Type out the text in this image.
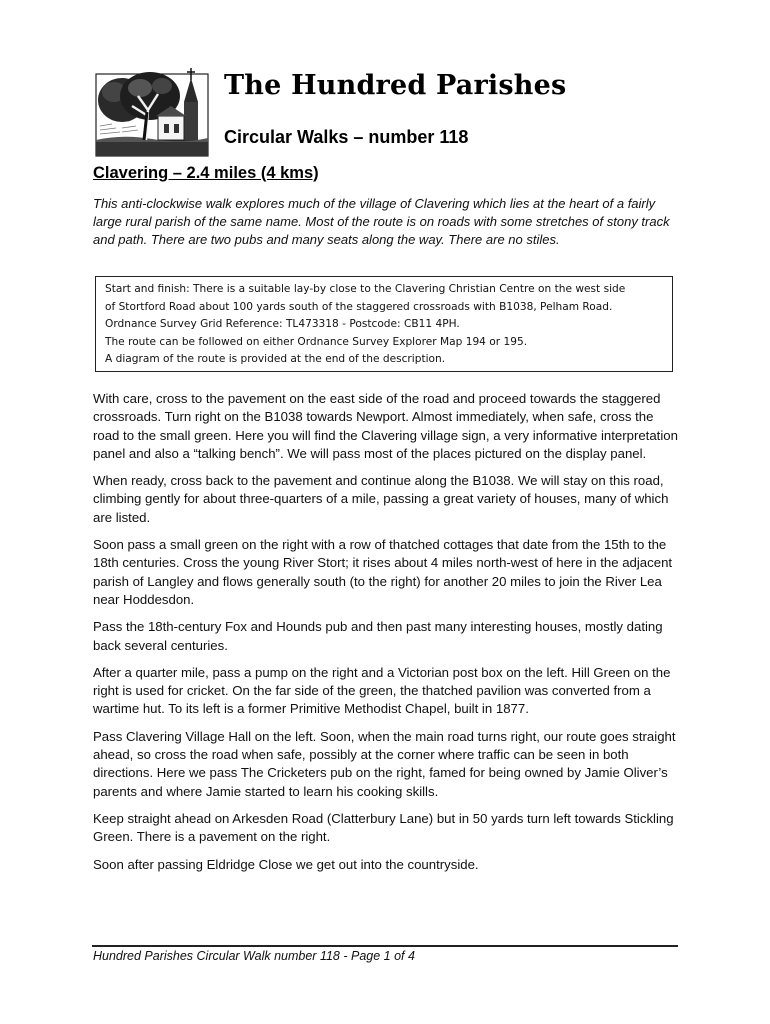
The Hundred Parishes
Circular Walks – number 118
Clavering – 2.4 miles (4 kms)

This anti-clockwise walk explores much of the village of Clavering which lies at the heart of a fairly large rural parish of the same name. Most of the route is on roads with some stretches of stony track and path. There are two pubs and many seats along the way. There are no stiles.

Start and finish: There is a suitable lay-by close to the Clavering Christian Centre on the west side
of Stortford Road about 100 yards south of the staggered crossroads with B1038, Pelham Road.
Ordnance Survey Grid Reference: TL473318 - Postcode: CB11 4PH.
The route can be followed on either Ordnance Survey Explorer Map 194 or 195.
A diagram of the route is provided at the end of the description.

With care, cross to the pavement on the east side of the road and proceed towards the staggered crossroads. Turn right on the B1038 towards Newport. Almost immediately, when safe, cross the road to the small green. Here you will find the Clavering village sign, a very informative interpretation panel and also a “talking bench”. We will pass most of the places pictured on the display panel.

When ready, cross back to the pavement and continue along the B1038. We will stay on this road, climbing gently for about three-quarters of a mile, passing a great variety of houses, many of which are listed.

Soon pass a small green on the right with a row of thatched cottages that date from the 15th to the 18th centuries. Cross the young River Stort; it rises about 4 miles north-west of here in the adjacent parish of Langley and flows generally south (to the right) for another 20 miles to join the River Lea near Hoddesdon.

Pass the 18th-century Fox and Hounds pub and then past many interesting houses, mostly dating back several centuries.

After a quarter mile, pass a pump on the right and a Victorian post box on the left. Hill Green on the right is used for cricket. On the far side of the green, the thatched pavilion was converted from a wartime hut. To its left is a former Primitive Methodist Chapel, built in 1877.

Pass Clavering Village Hall on the left. Soon, when the main road turns right, our route goes straight ahead, so cross the road when safe, possibly at the corner where traffic can be seen in both directions. Here we pass The Cricketers pub on the right, famed for being owned by Jamie Oliver’s parents and where Jamie started to learn his cooking skills.

Keep straight ahead on Arkesden Road (Clatterbury Lane) but in 50 yards turn left towards Stickling Green. There is a pavement on the right.

Soon after passing Eldridge Close we get out into the countryside.

Hundred Parishes Circular Walk number 118 - Page 1 of 4
